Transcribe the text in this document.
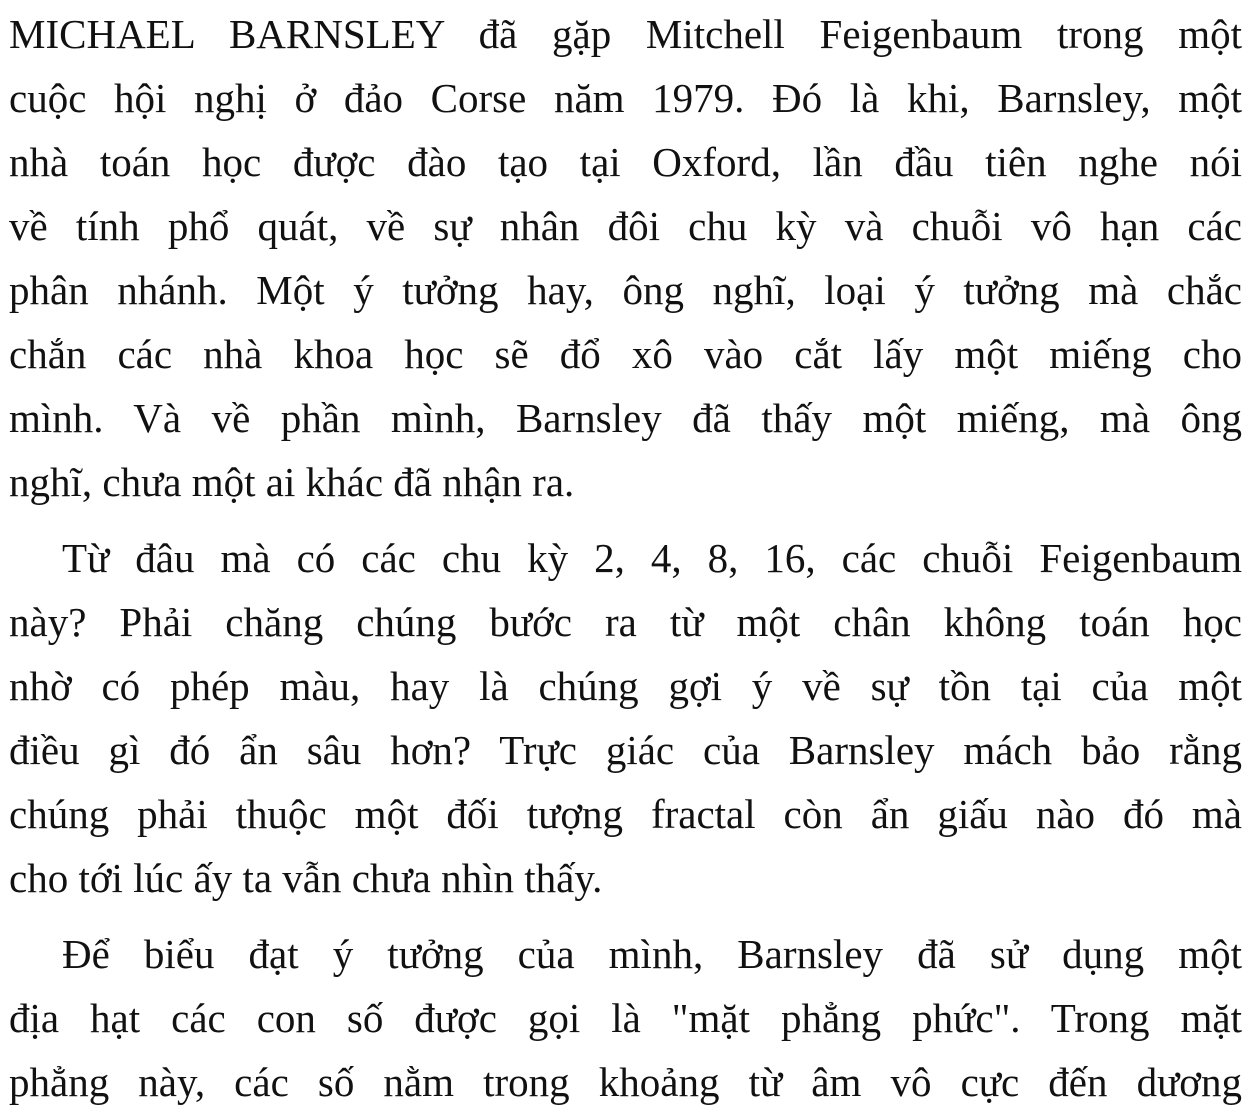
MICHAEL BARNSLEY đã gặp Mitchell Feigenbaum trong một
cuộc hội nghị ở đảo Corse năm 1979. Đó là khi, Barnsley, một
nhà toán học được đào tạo tại Oxford, lần đầu tiên nghe nói
về tính phổ quát, về sự nhân đôi chu kỳ và chuỗi vô hạn các
phân nhánh. Một ý tưởng hay, ông nghĩ, loại ý tưởng mà chắc
chắn các nhà khoa học sẽ đổ xô vào cắt lấy một miếng cho
mình. Và về phần mình, Barnsley đã thấy một miếng, mà ông
nghĩ, chưa một ai khác đã nhận ra.
Từ đâu mà có các chu kỳ 2, 4, 8, 16, các chuỗi Feigenbaum
này? Phải chăng chúng bước ra từ một chân không toán học
nhờ có phép màu, hay là chúng gợi ý về sự tồn tại của một
điều gì đó ẩn sâu hơn? Trực giác của Barnsley mách bảo rằng
chúng phải thuộc một đối tượng fractal còn ẩn giấu nào đó mà
cho tới lúc ấy ta vẫn chưa nhìn thấy.
Để biểu đạt ý tưởng của mình, Barnsley đã sử dụng một
địa hạt các con số được gọi là "mặt phẳng phức". Trong mặt
phẳng này, các số nằm trong khoảng từ âm vô cực đến dương
